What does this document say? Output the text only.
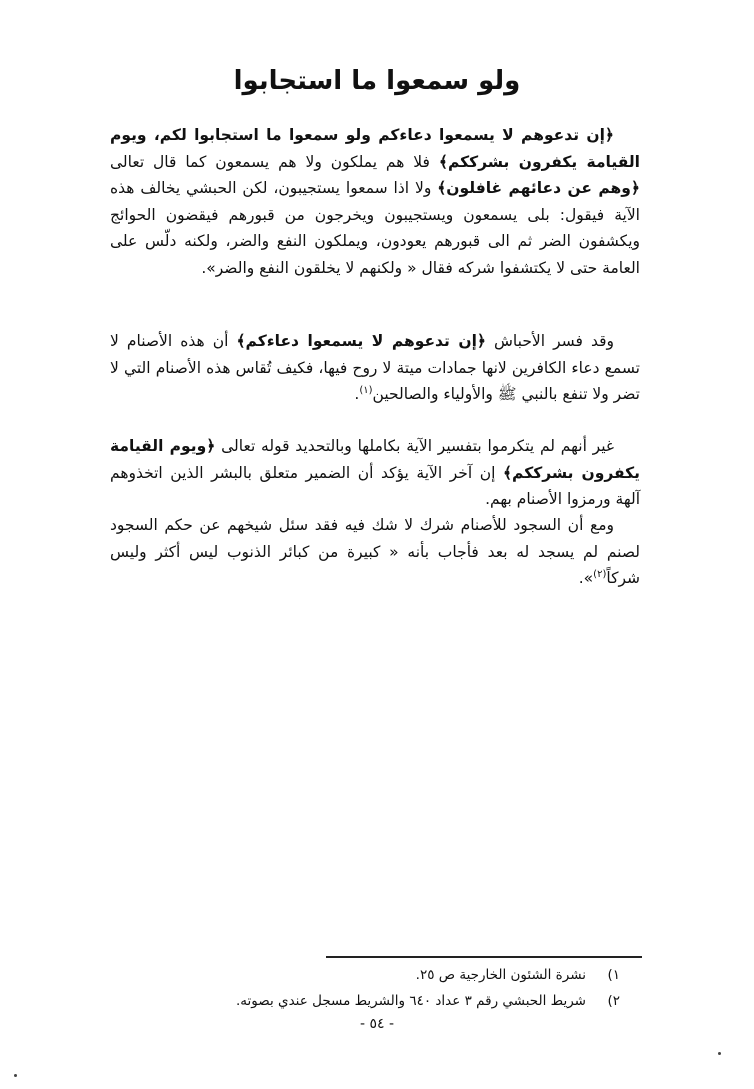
ولو سمعوا ما استجابوا

﴿إن تدعوهم لا يسمعوا دعاءكم ولو سمعوا ما استجابوا لكم، ويوم القيامة يكفرون بشرككم﴾ فلا هم يملكون ولا هم يسمعون كما قال تعالى ﴿وهم عن دعائهم غافلون﴾ ولا اذا سمعوا يستجيبون، لكن الحبشي يخالف هذه الآية فيقول: بلى يسمعون ويستجيبون ويخرجون من قبورهم فيقضون الحوائج ويكشفون الضر ثم الى قبورهم يعودون، ويملكون النفع والضر، ولكنه دلّس على العامة حتى لا يكتشفوا شركه فقال « ولكنهم لا يخلقون النفع والضر».

وقد فسر الأحباش ﴿إن تدعوهم لا يسمعوا دعاءكم﴾ أن هذه الأصنام لا تسمع دعاء الكافرين لانها جمادات ميتة لا روح فيها، فكيف تُقاس هذه الأصنام التي لا تضر ولا تنفع بالنبي ﷺ والأولياء والصالحين$^{(١)}$.

غير أنهم لم يتكرموا بتفسير الآية بكاملها وبالتحديد قوله تعالى ﴿ويوم القيامة يكفرون بشرككم﴾ إن آخر الآية يؤكد أن الضمير متعلق بالبشر الذين اتخذوهم آلهة ورمزوا الأصنام بهم.

ومع أن السجود للأصنام شرك لا شك فيه فقد سئل شيخهم عن حكم السجود لصنم لم يسجد له بعد فأجاب بأنه « كبيرة من كبائر الذنوب ليس أكثر وليس شركاً$^{(٢)}$».

١)نشرة الشئون الخارجية ص ٢٥.
٢)شريط الحبشي رقم ٣ عداد ٦٤٠ والشريط مسجل عندي بصوته.
- ٥٤ -
